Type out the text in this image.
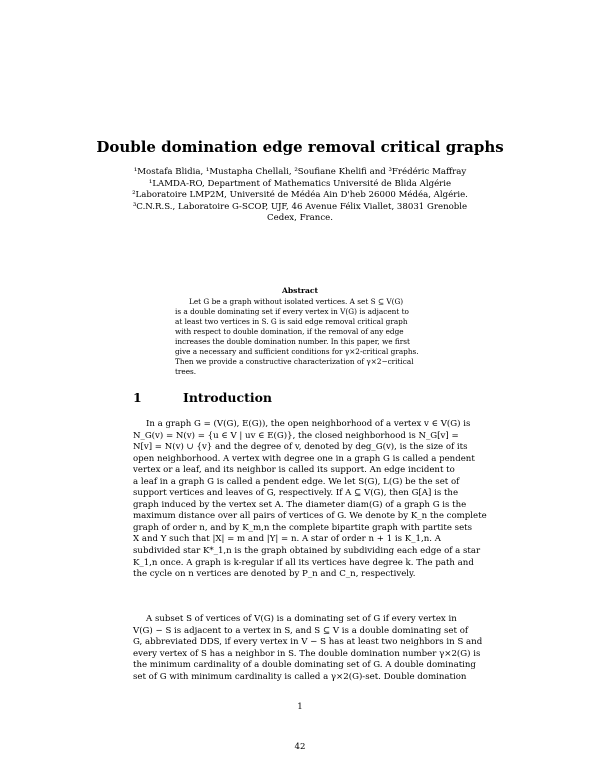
Double domination edge removal critical graphs
¹Mostafa Blidia, ¹Mustapha Chellali, ²Soufiane Khelifi and ³Frédéric Maffray
¹LAMDA-RO, Department of Mathematics Université de Blida Algérie
²Laboratoire LMP2M, Université de Médéa Ain D'heb 26000 Médéa, Algérie.
³C.N.R.S., Laboratoire G-SCOP, UJF, 46 Avenue Félix Viallet, 38031 Grenoble
Cedex, France.
Abstract
Let G be a graph without isolated vertices. A set S ⊆ V(G)
is a double dominating set if every vertex in V(G) is adjacent to
at least two vertices in S. G is said edge removal critical graph
with respect to double domination, if the removal of any edge
increases the double domination number. In this paper, we first
give a necessary and sufficient conditions for γ×2-critical graphs.
Then we provide a constructive characterization of γ×2−critical
trees.
1	Introduction
In a graph G = (V(G), E(G)), the open neighborhood of a vertex v ∈ V(G) is
N_G(v) = N(v) = {u ∈ V | uv ∈ E(G)}, the closed neighborhood is N_G[v] =
N[v] = N(v) ∪ {v} and the degree of v, denoted by deg_G(v), is the size of its
open neighborhood. A vertex with degree one in a graph G is called a pendent
vertex or a leaf, and its neighbor is called its support. An edge incident to
a leaf in a graph G is called a pendent edge. We let S(G), L(G) be the set of
support vertices and leaves of G, respectively. If A ⊆ V(G), then G[A] is the
graph induced by the vertex set A. The diameter diam(G) of a graph G is the
maximum distance over all pairs of vertices of G. We denote by K_n the complete
graph of order n, and by K_m,n the complete bipartite graph with partite sets
X and Y such that |X| = m and |Y| = n. A star of order n + 1 is K_1,n. A
subdivided star K*_1,n is the graph obtained by subdividing each edge of a star
K_1,n once. A graph is k-regular if all its vertices have degree k. The path and
the cycle on n vertices are denoted by P_n and C_n, respectively.
A subset S of vertices of V(G) is a dominating set of G if every vertex in
V(G) − S is adjacent to a vertex in S, and S ⊆ V is a double dominating set of
G, abbreviated DDS, if every vertex in V − S has at least two neighbors in S and
every vertex of S has a neighbor in S. The double domination number γ×2(G) is
the minimum cardinality of a double dominating set of G. A double dominating
set of G with minimum cardinality is called a γ×2(G)-set. Double domination
1
42
